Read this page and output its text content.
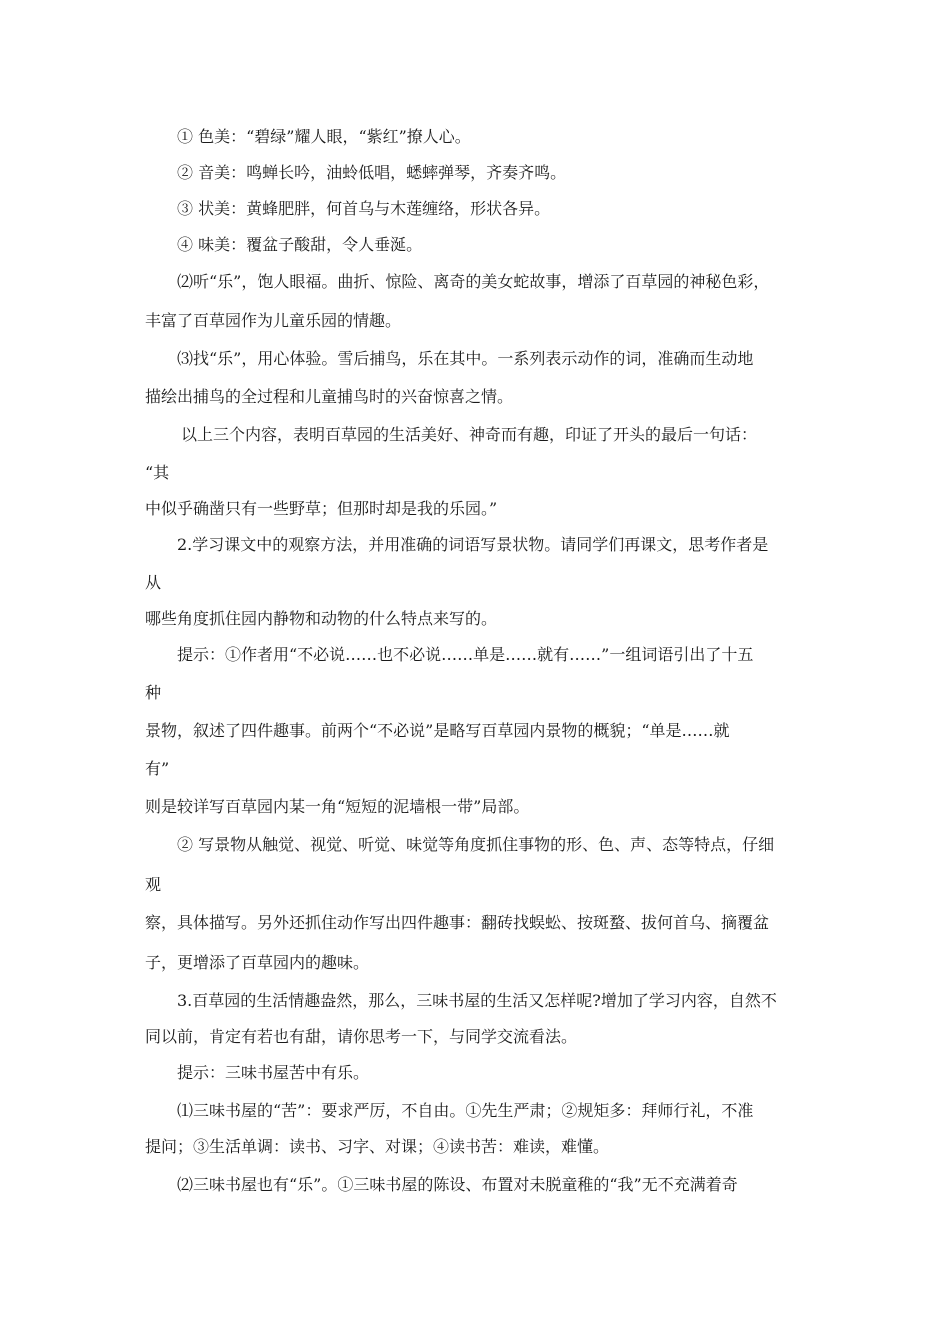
① 色美：“碧绿”耀人眼，“紫红”撩人心。
② 音美：鸣蝉长吟，油蛉低唱，蟋蟀弹琴，齐奏齐鸣。
③ 状美：黄蜂肥胖，何首乌与木莲缠络，形状各异。
④ 味美：覆盆子酸甜，令人垂涎。
⑵听“乐”，饱人眼福。曲折、惊险、离奇的美女蛇故事，增添了百草园的神秘色彩，
丰富了百草园作为儿童乐园的情趣。
⑶找“乐”，用心体验。雪后捕鸟，乐在其中。一系列表示动作的词，准确而生动地
描绘出捕鸟的全过程和儿童捕鸟时的兴奋惊喜之情。
以上三个内容，表明百草园的生活美好、神奇而有趣，印证了开头的最后一句话：
“其
中似乎确凿只有一些野草；但那时却是我的乐园。”
2.学习课文中的观察方法，并用准确的词语写景状物。请同学们再课文，思考作者是
从
哪些角度抓住园内静物和动物的什么特点来写的。
提示：①作者用“不必说……也不必说……单是……就有……”一组词语引出了十五
种
景物，叙述了四件趣事。前两个“不必说”是略写百草园内景物的概貌；“单是……就
有”
则是较详写百草园内某一角“短短的泥墙根一带”局部。
② 写景物从触觉、视觉、听觉、味觉等角度抓住事物的形、色、声、态等特点，仔细
观
察，具体描写。另外还抓住动作写出四件趣事：翻砖找蜈蚣、按斑蝥、拔何首乌、摘覆盆
子，更增添了百草园内的趣味。
3.百草园的生活情趣盎然，那么，三味书屋的生活又怎样呢?增加了学习内容，自然不
同以前，肯定有若也有甜，请你思考一下，与同学交流看法。
提示：三味书屋苦中有乐。
⑴三味书屋的“苦”：要求严厉，不自由。①先生严肃；②规矩多：拜师行礼，不准
提问；③生活单调：读书、习字、对课；④读书苦：难读，难懂。
⑵三味书屋也有“乐”。①三味书屋的陈设、布置对未脱童稚的“我”无不充满着奇
